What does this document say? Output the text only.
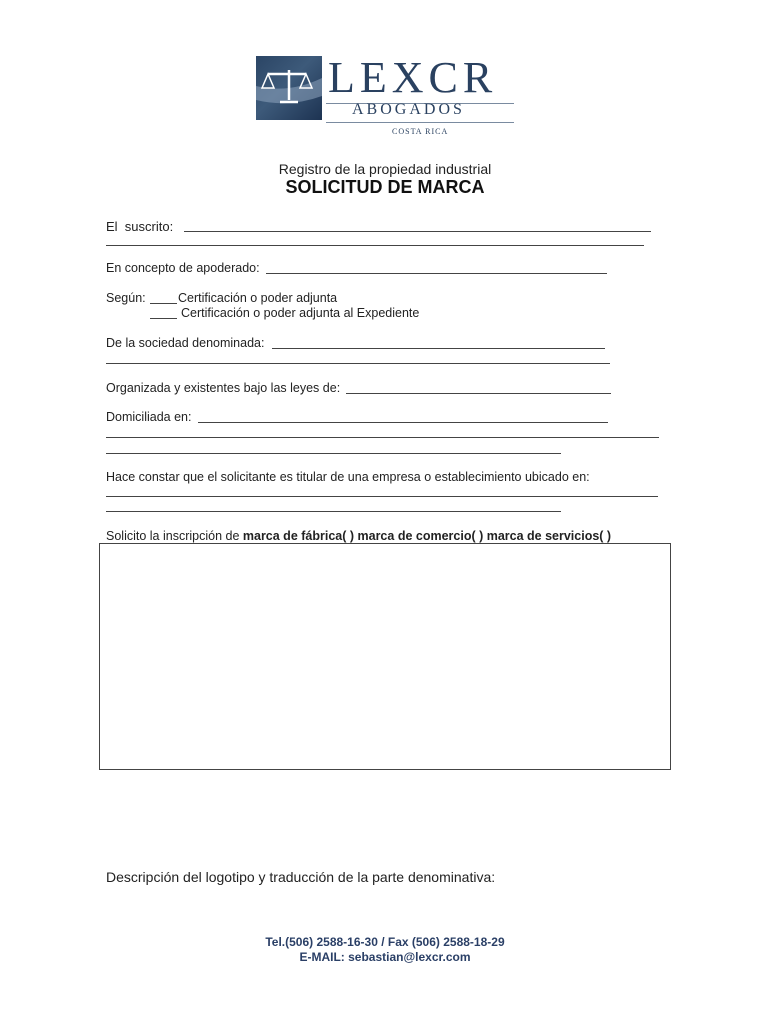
LEXCR
ABOGADOS
COSTA RICA
Registro de la propiedad industrial
SOLICITUD DE MARCA
El  suscrito:
En concepto de apoderado:
Según:	Certificación o poder adjunta
Certificación o poder adjunta al Expediente
De la sociedad denominada:
Organizada y existentes bajo las leyes de:
Domiciliada en:
Hace constar que el solicitante es titular de una empresa o establecimiento ubicado en:
Solicito la inscripción de marca de fábrica( ) marca de comercio( ) marca de servicios( )
Descripción del logotipo y traducción de la parte denominativa:
Tel.(506) 2588-16-30 / Fax (506) 2588-18-29
E-MAIL: sebastian@lexcr.com
